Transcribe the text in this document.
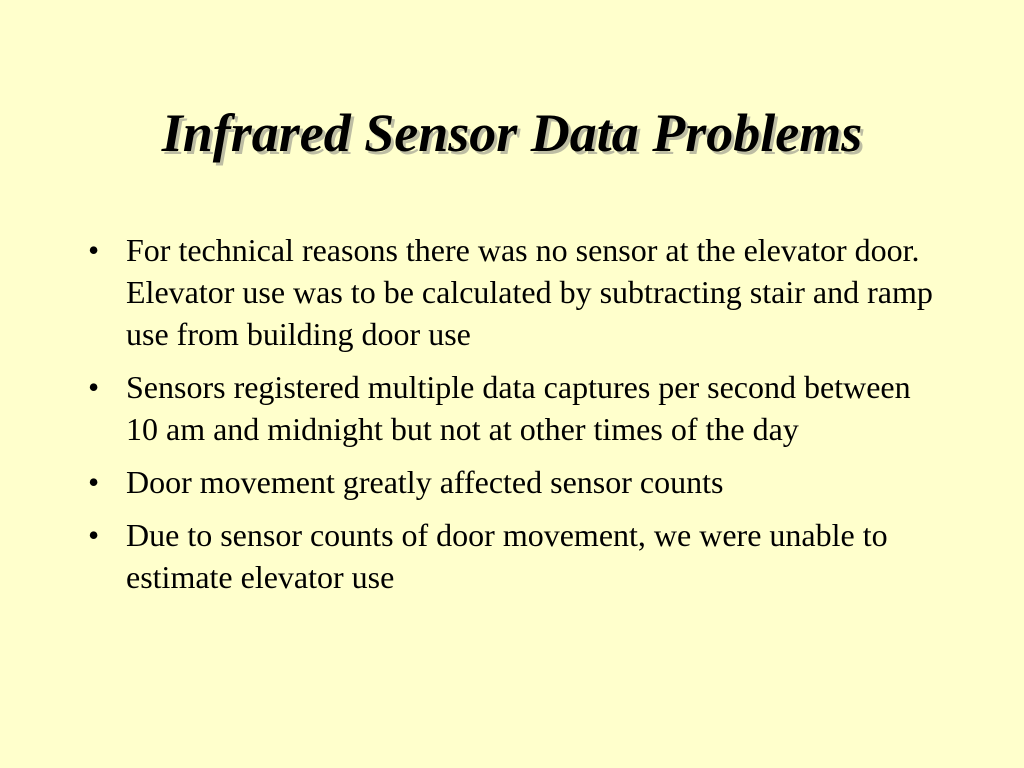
Infrared Sensor Data Problems
• For technical reasons there was no sensor at the elevator door. Elevator use was to be calculated by subtracting stair and ramp use from building door use
• Sensors registered multiple data captures per second between 10 am and midnight but not at other times of the day
• Door movement greatly affected sensor counts
• Due to sensor counts of door movement, we were unable to estimate elevator use
